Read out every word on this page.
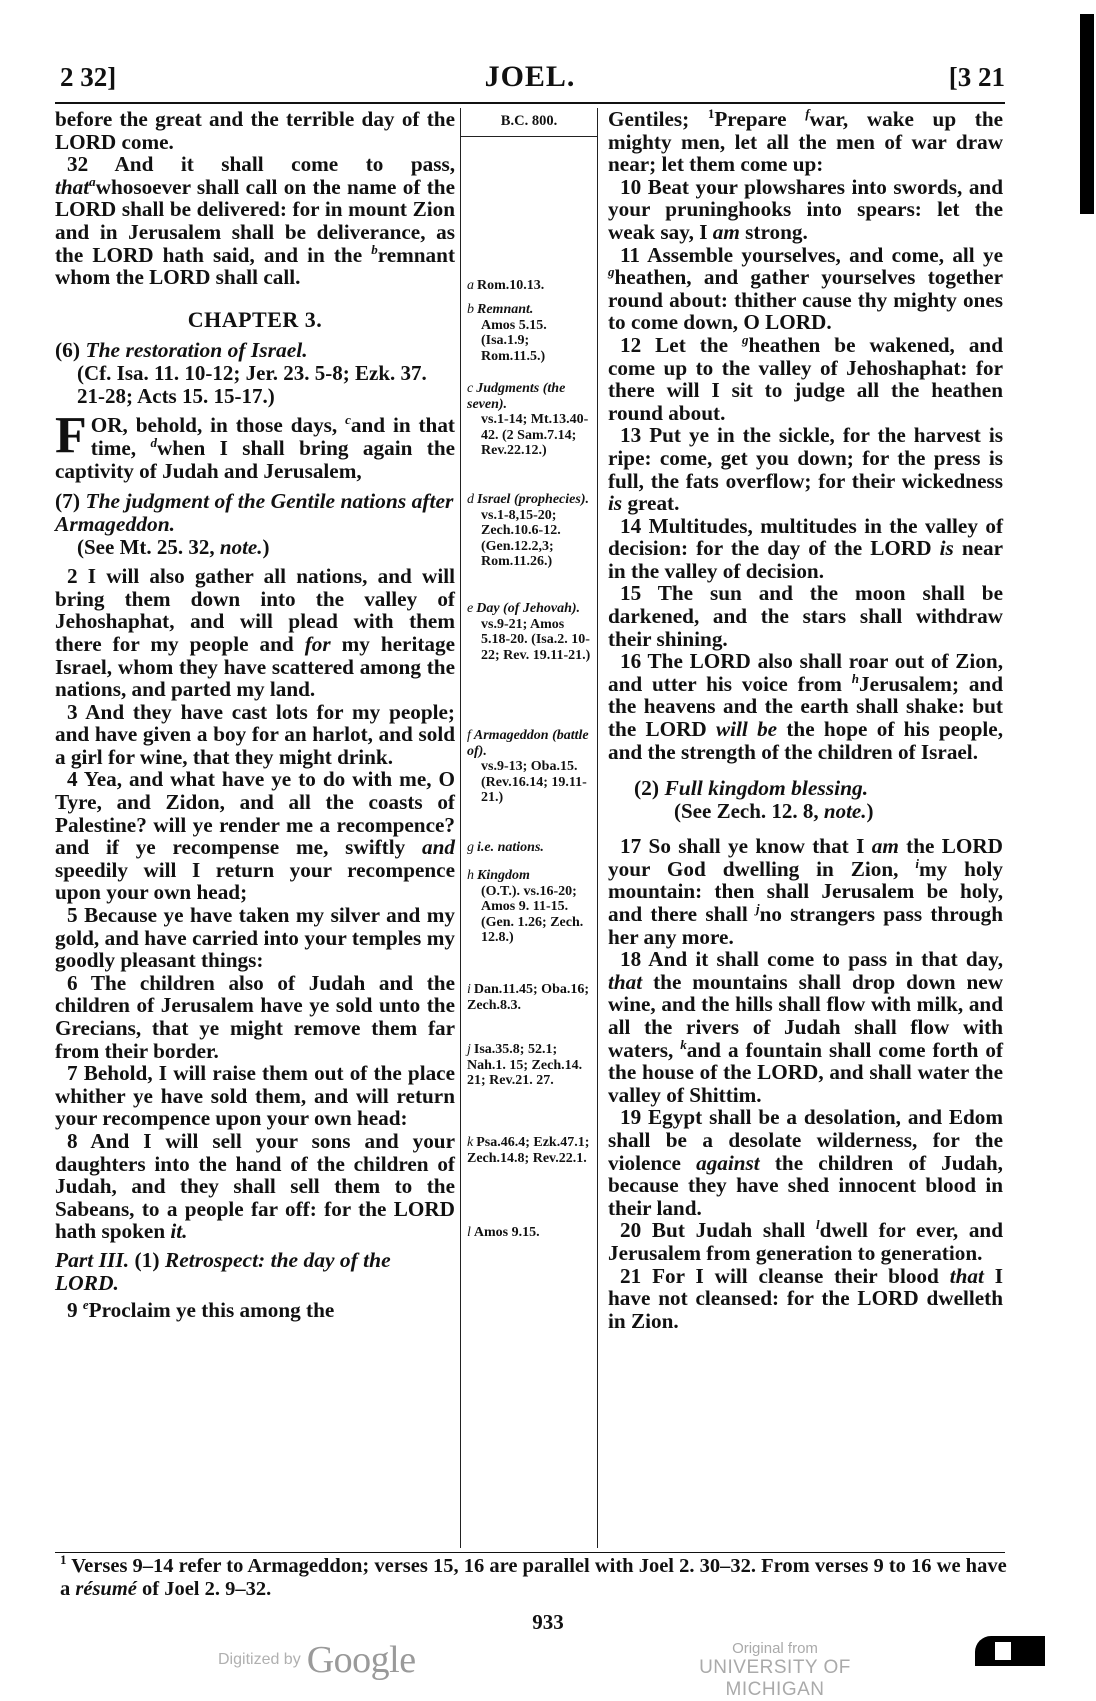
2 32]	JOEL.	[3 21

before the great and the terrible day of the LORD come.

32 And it shall come to pass, that$^a$whosoever shall call on the name of the LORD shall be delivered: for in mount Zion and in Jerusalem shall be deliverance, as the LORD hath said, and in the $^b$remnant whom the LORD shall call.

CHAPTER 3.
(6) The restoration of Israel.
(Cf. Isa. 11. 10-12; Jer. 23. 5-8; Ezk. 37. 21-28; Acts 15. 15-17.)

FOR, behold, in those days, $^c$and in that time, $^d$when I shall bring again the captivity of Judah and Jerusalem,

(7) The judgment of the Gentile nations after Armageddon.
(See Mt. 25. 32, note.)

2 I will also gather all nations, and will bring them down into the valley of Jehoshaphat, and will plead with them there for my people and for my heritage Israel, whom they have scattered among the nations, and parted my land.

3 And they have cast lots for my people; and have given a boy for an harlot, and sold a girl for wine, that they might drink.

4 Yea, and what have ye to do with me, O Tyre, and Zidon, and all the coasts of Palestine? will ye render me a recompence? and if ye recompense me, swiftly and speedily will I return your recompence upon your own head;

5 Because ye have taken my silver and my gold, and have carried into your temples my goodly pleasant things:

6 The children also of Judah and the children of Jerusalem have ye sold unto the Grecians, that ye might remove them far from their border.

7 Behold, I will raise them out of the place whither ye have sold them, and will return your recompence upon your own head:

8 And I will sell your sons and your daughters into the hand of the children of Judah, and they shall sell them to the Sabeans, to a people far off: for the LORD hath spoken it.

Part III. (1) Retrospect: the day of the LORD.

9 $^e$Proclaim ye this among the

B.C. 800.
a Rom.10.13.
b Remnant.
Amos 5.15. (Isa.1.9; Rom.11.5.)
c Judgments (the seven).
vs.1-14; Mt.13.40-42. (2 Sam.7.14; Rev.22.12.)
d Israel (prophecies).
vs.1-8,15-20; Zech.10.6-12. (Gen.12.2,3; Rom.11.26.)
e Day (of Jehovah).
vs.9-21; Amos 5.18-20. (Isa.2. 10-22; Rev. 19.11-21.)
f Armageddon (battle of).
vs.9-13; Oba.15. (Rev.16.14; 19.11-21.)
g i.e. nations.
h Kingdom
(O.T.). vs.16-20; Amos 9. 11-15. (Gen. 1.26; Zech. 12.8.)
i Dan.11.45; Oba.16; Zech.8.3.
j Isa.35.8; 52.1; Nah.1. 15; Zech.14. 21; Rev.21. 27.
k Psa.46.4; Ezk.47.1; Zech.14.8; Rev.22.1.
l Amos 9.15.

Gentiles; $^1$Prepare $^f$war, wake up the mighty men, let all the men of war draw near; let them come up:

10 Beat your plowshares into swords, and your pruninghooks into spears: let the weak say, I am strong.

11 Assemble yourselves, and come, all ye $^g$heathen, and gather yourselves together round about: thither cause thy mighty ones to come down, O LORD.

12 Let the $^g$heathen be wakened, and come up to the valley of Jehoshaphat: for there will I sit to judge all the heathen round about.

13 Put ye in the sickle, for the harvest is ripe: come, get you down; for the press is full, the fats overflow; for their wickedness is great.

14 Multitudes, multitudes in the valley of decision: for the day of the LORD is near in the valley of decision.

15 The sun and the moon shall be darkened, and the stars shall withdraw their shining.

16 The LORD also shall roar out of Zion, and utter his voice from $^h$Jerusalem; and the heavens and the earth shall shake: but the LORD will be the hope of his people, and the strength of the children of Israel.

(2) Full kingdom blessing.
(See Zech. 12. 8, note.)

17 So shall ye know that I am the LORD your God dwelling in Zion, $^i$my holy mountain: then shall Jerusalem be holy, and there shall $^j$no strangers pass through her any more.

18 And it shall come to pass in that day, that the mountains shall drop down new wine, and the hills shall flow with milk, and all the rivers of Judah shall flow with waters, $^k$and a fountain shall come forth of the house of the LORD, and shall water the valley of Shittim.

19 Egypt shall be a desolation, and Edom shall be a desolate wilderness, for the violence against the children of Judah, because they have shed innocent blood in their land.

20 But Judah shall $^l$dwell for ever, and Jerusalem from generation to generation.

21 For I will cleanse their blood that I have not cleansed: for the LORD dwelleth in Zion.

$^1$ Verses 9–14 refer to Armageddon; verses 15, 16 are parallel with Joel 2. 30–32. From verses 9 to 16 we have a résumé of Joel 2. 9–32.
933
Digitized by Google	Original from
UNIVERSITY OF MICHIGAN
